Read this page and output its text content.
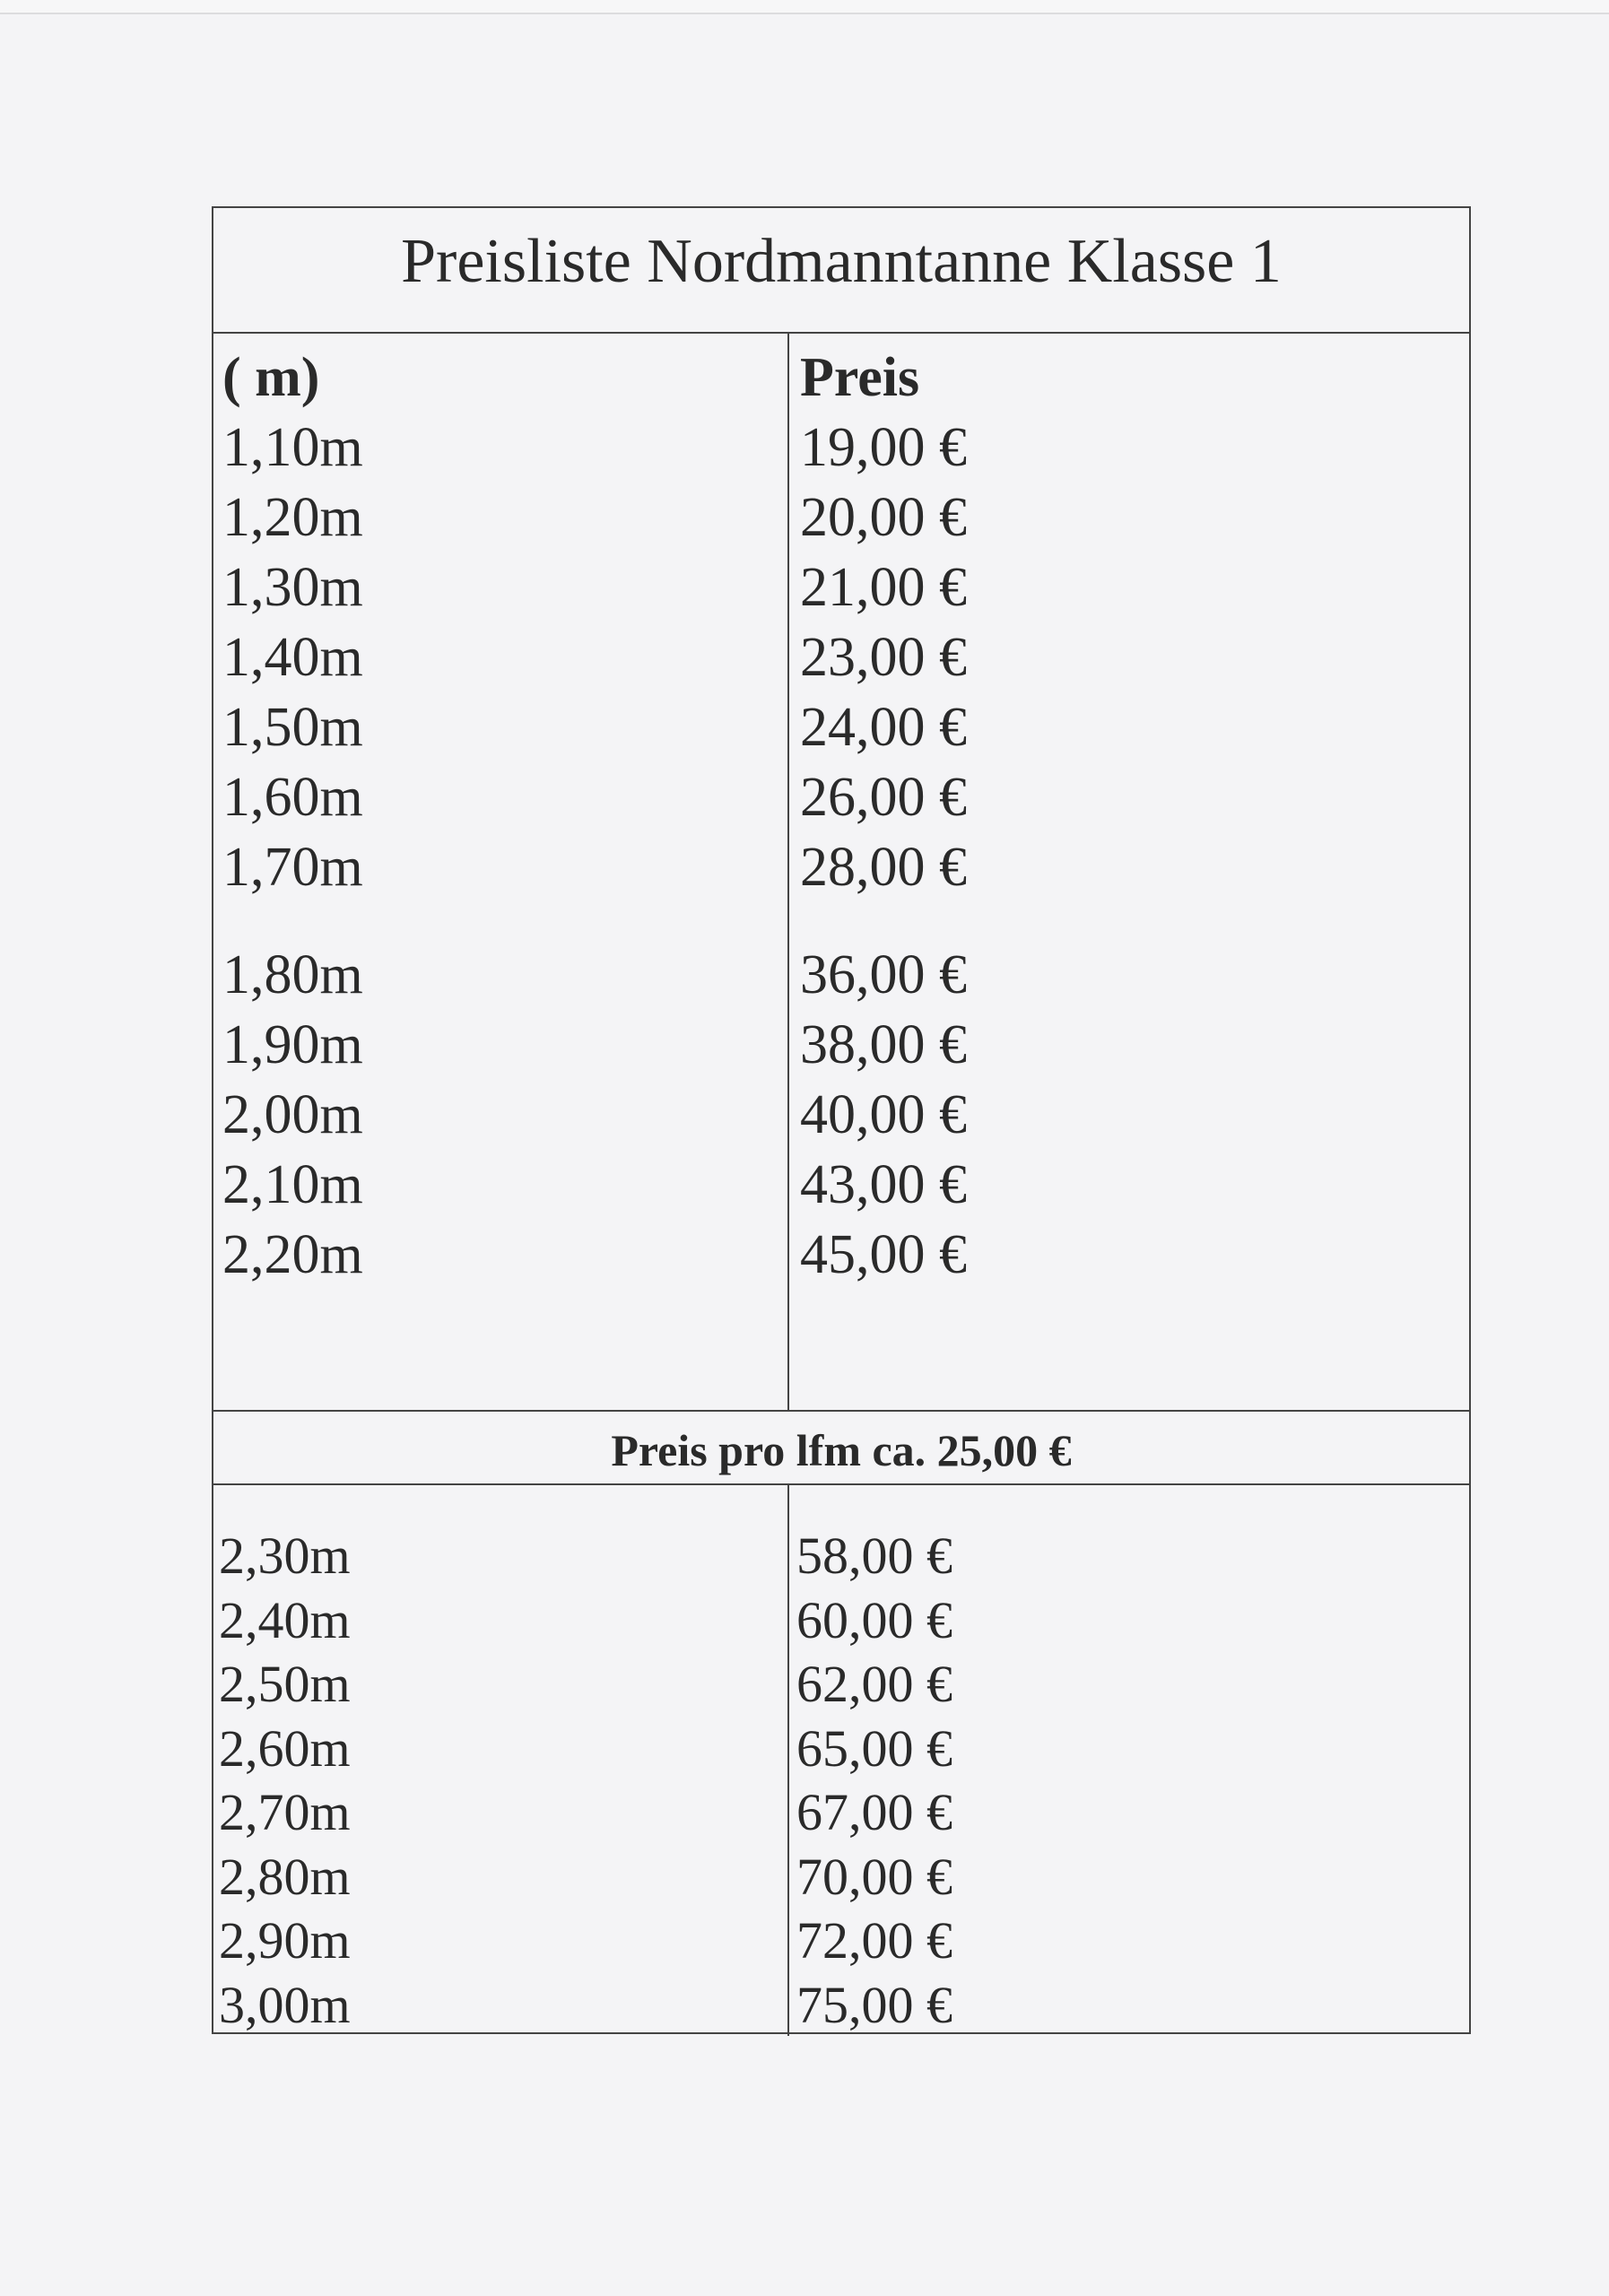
Preisliste Nordmanntanne Klasse 1
( m)	Preis
1,10m	19,00 €
1,20m	20,00 €
1,30m	21,00 €
1,40m	23,00 €
1,50m	24,00 €
1,60m	26,00 €
1,70m	28,00 €
1,80m	36,00 €
1,90m	38,00 €
2,00m	40,00 €
2,10m	43,00 €
2,20m	45,00 €
Preis pro lfm ca. 25,00 €
2,30m	58,00 €
2,40m	60,00 €
2,50m	62,00 €
2,60m	65,00 €
2,70m	67,00 €
2,80m	70,00 €
2,90m	72,00 €
3,00m	75,00 €
